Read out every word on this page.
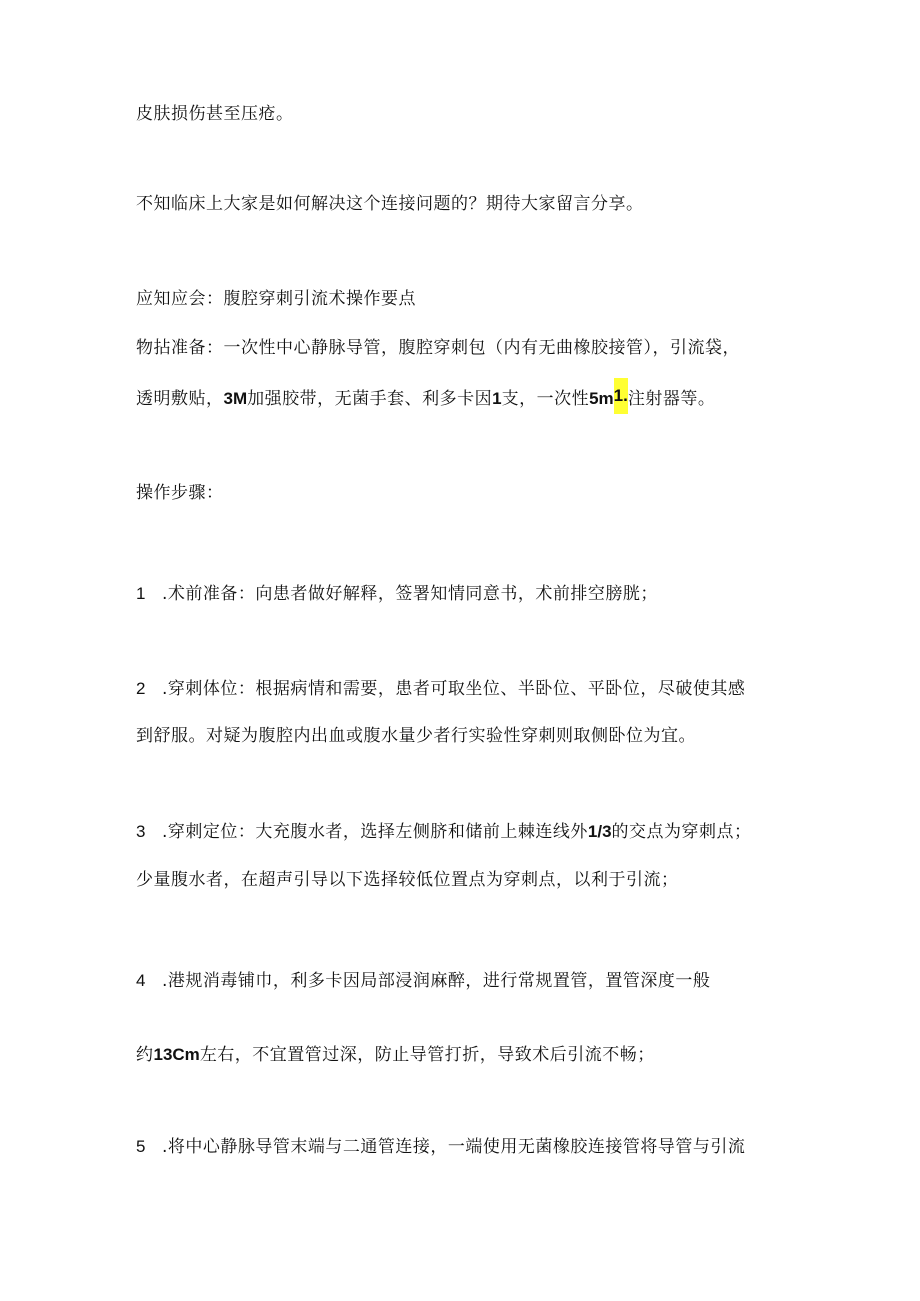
皮肤损伤甚至压疮。
不知临床上大家是如何解决这个连接问题的？期待大家留言分享。
应知应会：腹腔穿刺引流术操作要点
物拈准备：一次性中心静脉导管，腹腔穿刺包（内有无曲橡胶接管），引流袋，
透明敷贴，3M加强胶带，无菌手套、利多卡因1支，一次性5m1.注射器等。
操作步骤：
1 .术前准备：向患者做好解释，签署知情同意书，术前排空膀胱；
2 .穿刺体位：根据病情和需要，患者可取坐位、半卧位、平卧位，尽破使其感
到舒服。对疑为腹腔内出血或腹水量少者行实验性穿刺则取侧卧位为宜。
3 .穿刺定位：大充腹水者，选择左侧脐和储前上棘连线外1/3的交点为穿刺点；
少量腹水者，在超声引导以下选择较低位置点为穿刺点，以利于引流；
4 .港规消毒铺巾，利多卡因局部浸润麻醉，进行常规置管，置管深度一般
约13Cm左右，不宜置管过深，防止导管打折，导致术后引流不畅；
5 .将中心静脉导管末端与二通管连接，一端使用无菌橡胶连接管将导管与引流
